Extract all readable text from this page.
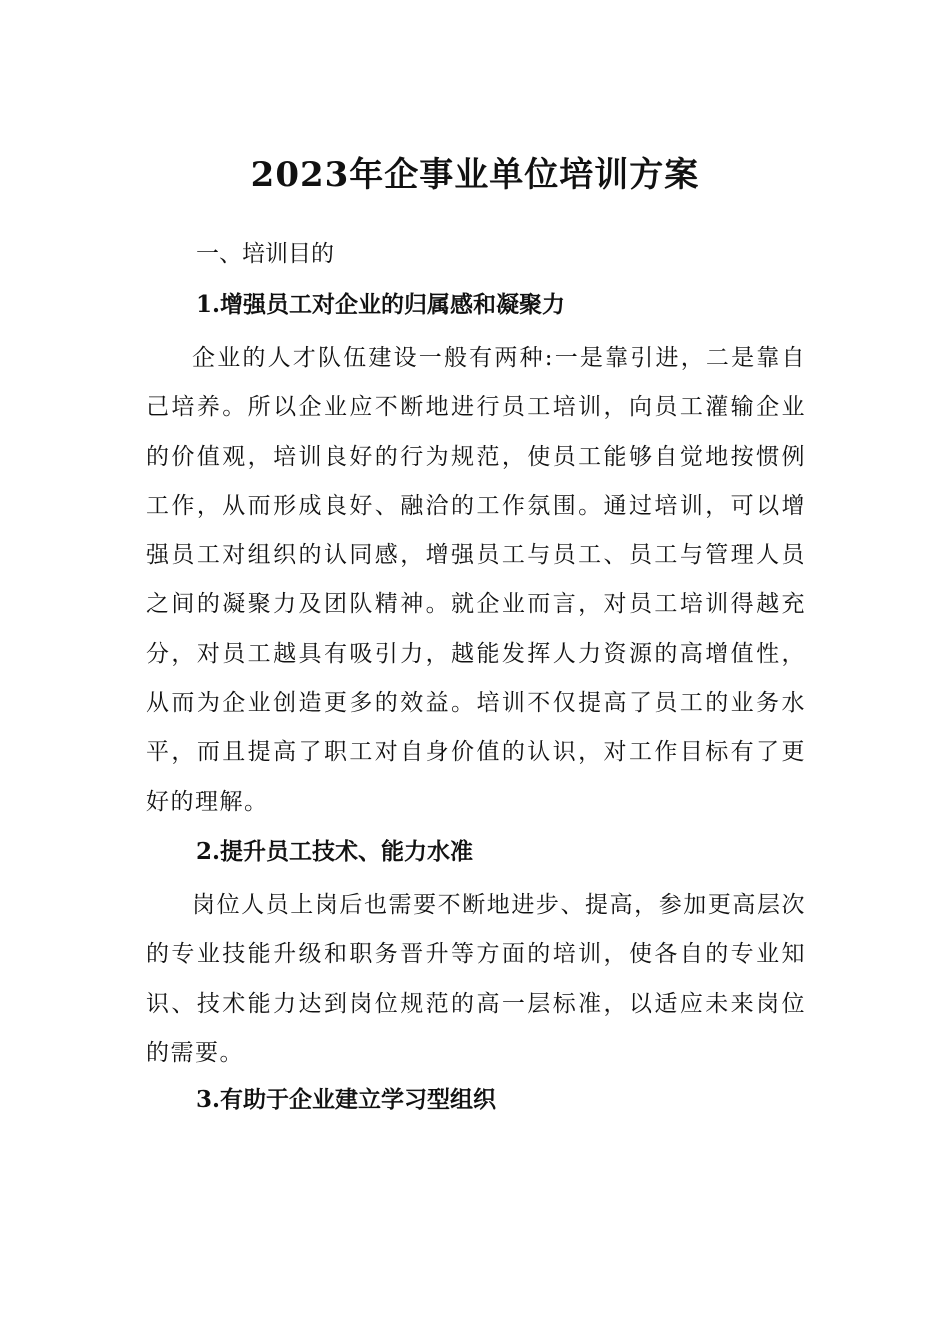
2023年企事业单位培训方案
一、培训目的
1.增强员工对企业的归属感和凝聚力

企业的人才队伍建设一般有两种:一是靠引进，二是靠自己培养。所以企业应不断地进行员工培训，向员工灌输企业的价值观，培训良好的行为规范，使员工能够自觉地按惯例工作，从而形成良好、融洽的工作氛围。通过培训，可以增强员工对组织的认同感，增强员工与员工、员工与管理人员之间的凝聚力及团队精神。就企业而言，对员工培训得越充分，对员工越具有吸引力，越能发挥人力资源的高增值性，从而为企业创造更多的效益。培训不仅提高了员工的业务水平，而且提高了职工对自身价值的认识，对工作目标有了更好的理解。

2.提升员工技术、能力水准

岗位人员上岗后也需要不断地进步、提高，参加更高层次的专业技能升级和职务晋升等方面的培训，使各自的专业知识、技术能力达到岗位规范的高一层标准，以适应未来岗位的需要。

3.有助于企业建立学习型组织
